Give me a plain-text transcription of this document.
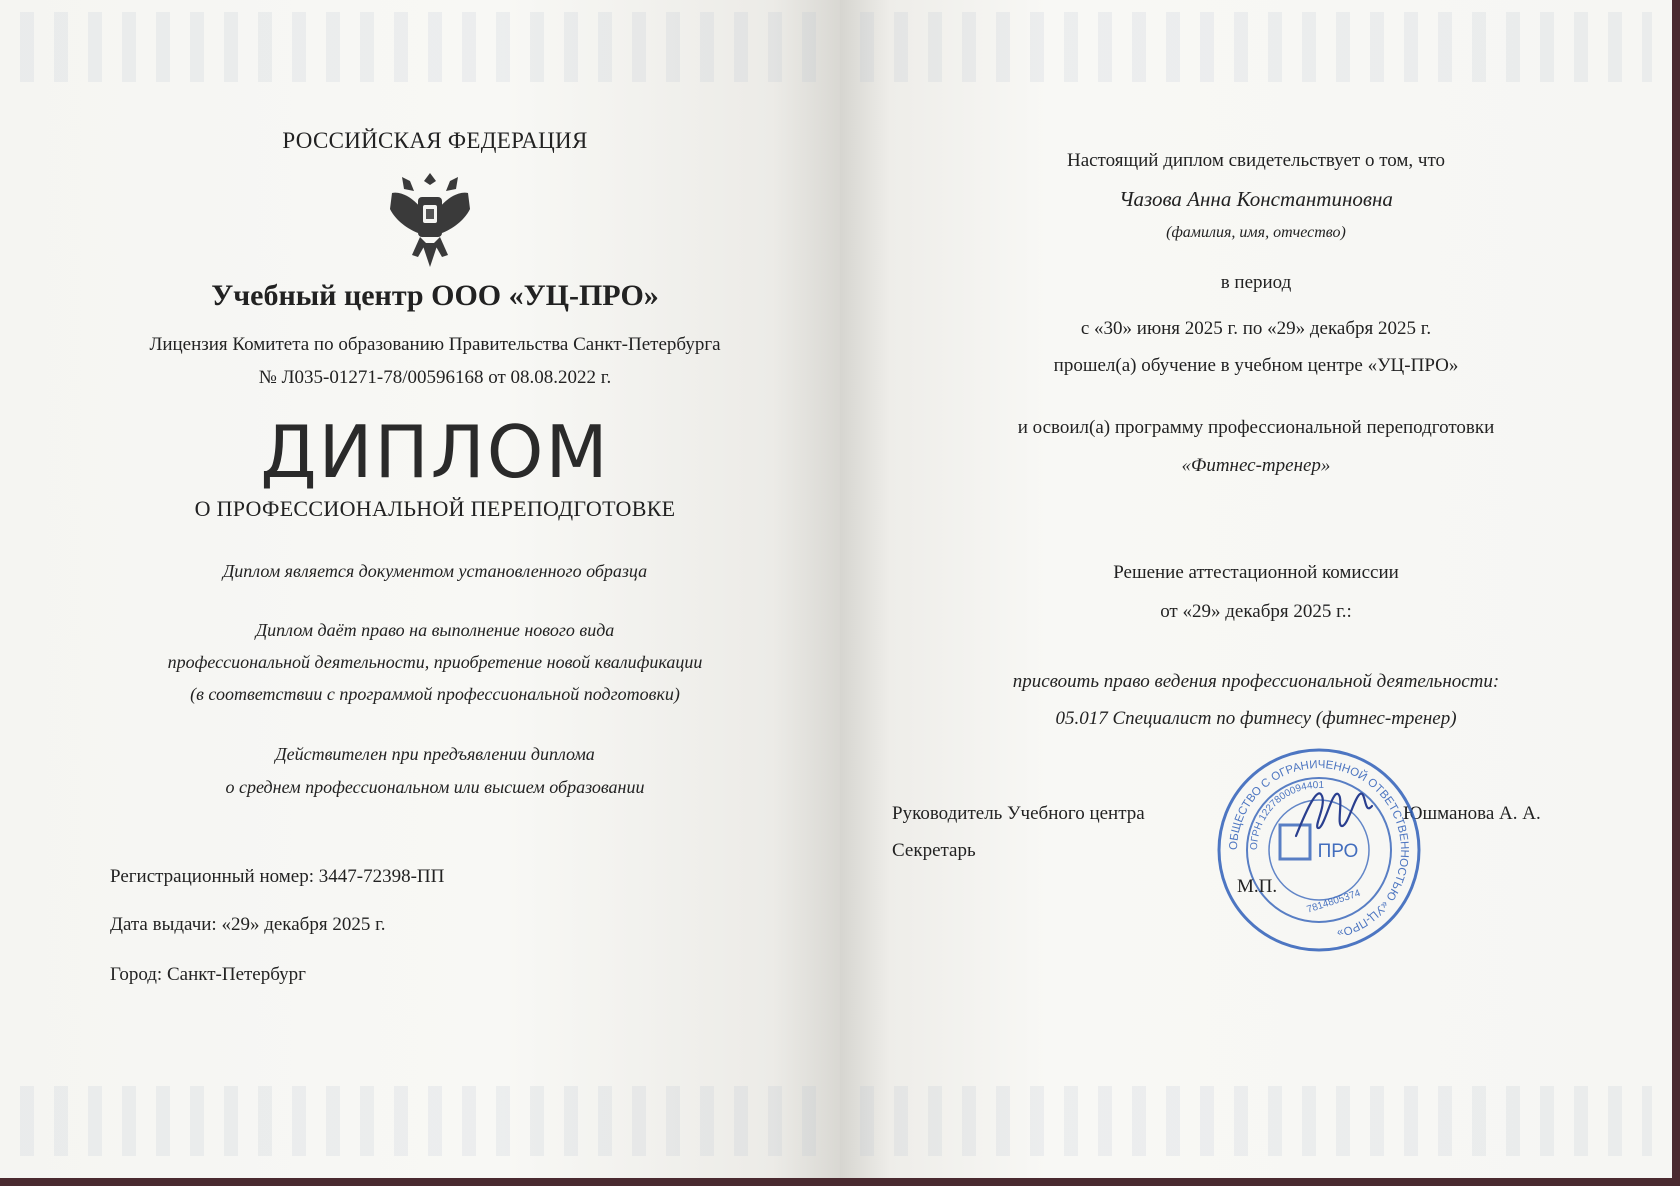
РОССИЙСКАЯ ФЕДЕРАЦИЯ
Учебный центр ООО «УЦ-ПРО»
Лицензия Комитета по образованию Правительства Санкт-Петербурга
№ Л035-01271-78/00596168 от 08.08.2022 г.
ДИПЛОМ
О ПРОФЕССИОНАЛЬНОЙ ПЕРЕПОДГОТОВКЕ
Диплом является документом установленного образца
Диплом даёт право на выполнение нового вида
профессиональной деятельности, приобретение новой квалификации
(в соответствии с программой профессиональной подготовки)
Действителен при предъявлении диплома
о среднем профессиональном или высшем образовании
Регистрационный номер: 3447-72398-ПП
Дата выдачи: «29» декабря 2025 г.
Город: Санкт-Петербург
Настоящий диплом свидетельствует о том, что
Чазова Анна Константиновна
(фамилия, имя, отчество)
в период
с «30» июня 2025 г. по «29» декабря 2025 г.
прошел(а) обучение в учебном центре «УЦ-ПРО»
и освоил(а) программу профессиональной переподготовки
«Фитнес-тренер»
Решение аттестационной комиссии
от «29» декабря 2025 г.:
присвоить право ведения профессиональной деятельности:
05.017 Специалист по фитнесу (фитнес-тренер)
Руководитель Учебного центра	Юшманова А. А.
Секретарь	ОБЩЕСТВО С ОГРАНИЧЕННОЙ ОТВЕТСТВЕННОСТЬЮ «УЦ-ПРО»
ОГРН 1227800094401
7814805374
ПРО
М.П.
